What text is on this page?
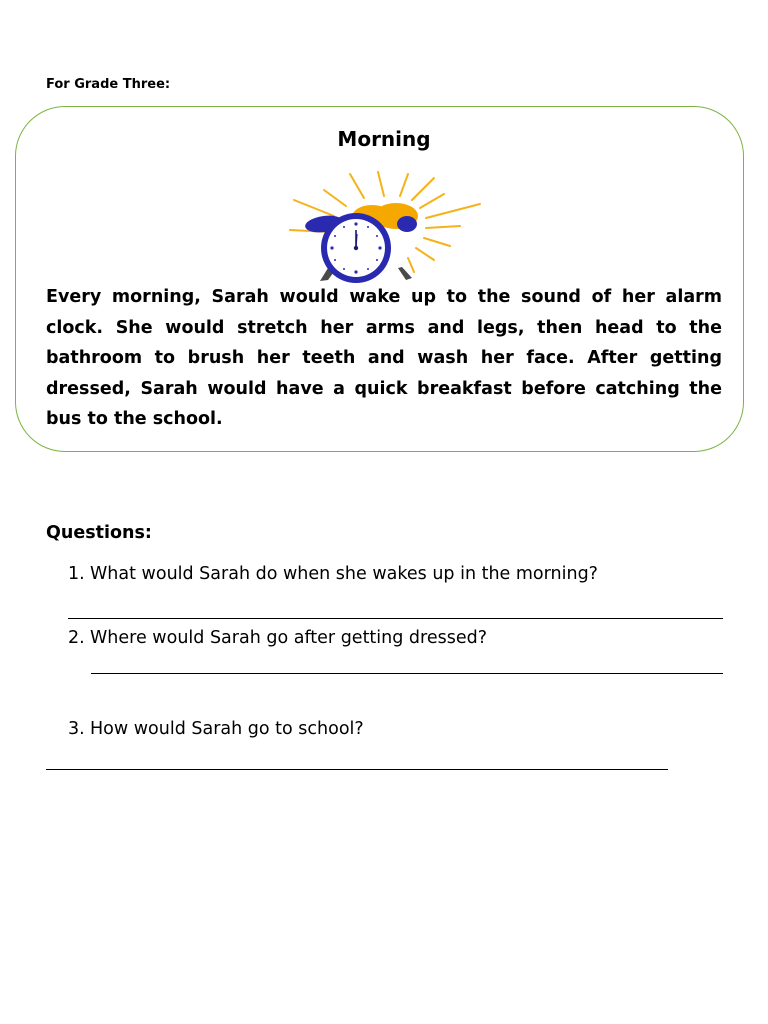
For Grade Three:
Morning

Every morning, Sarah would wake up to the sound of her alarm clock. She would stretch her arms and legs, then head to the bathroom to brush her teeth and wash her face. After getting dressed, Sarah would have a quick breakfast before catching the bus to the school.

Questions:
1. What would Sarah do when she wakes up in the morning?
2. Where would Sarah go after getting dressed?
3. How would Sarah go to school?
